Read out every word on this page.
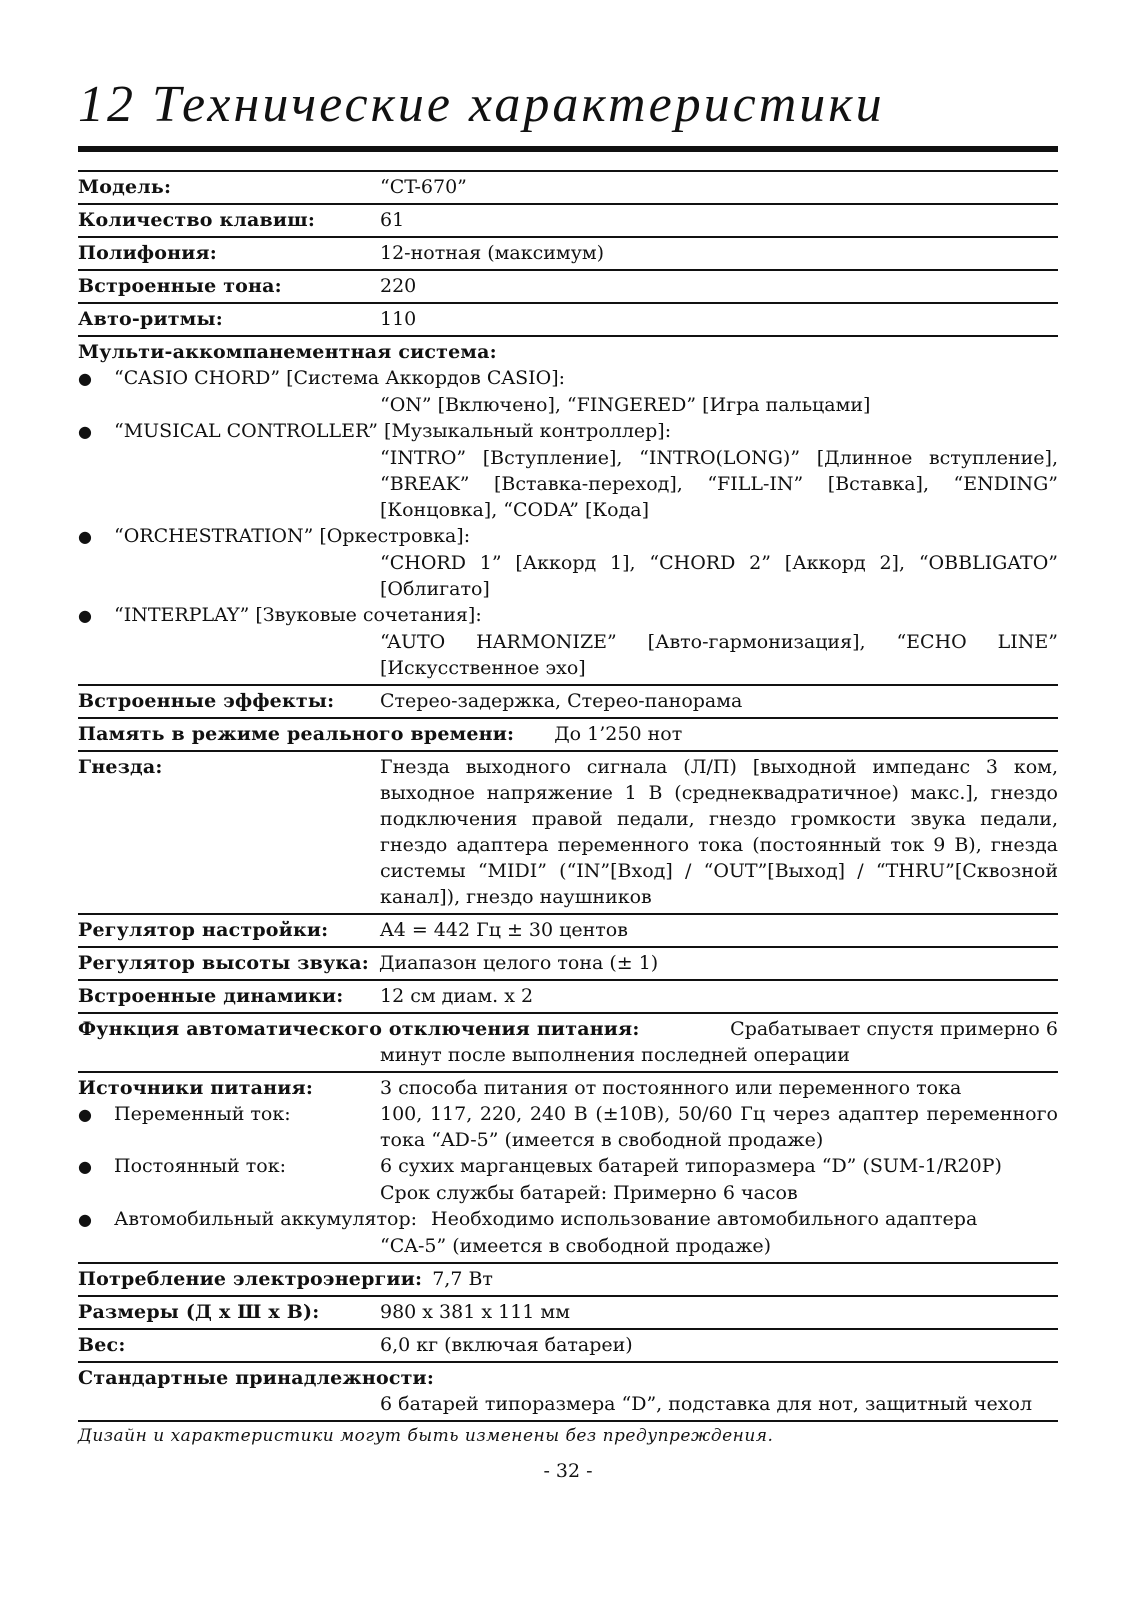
12 Технические характеристики
Модель:	“CT-670”
Количество клавиш:	61
Полифония:	12-нотная (максимум)
Встроенные тона:	220
Авто-ритмы:	110
Мульти-аккомпанементная система:
●	“CASIO CHORD” [Система Аккордов CASIO]:
“ON” [Включено], “FINGERED” [Игра пальцами]
●	“MUSICAL CONTROLLER” [Музыкальный контроллер]:
“INTRO” [Вступление], “INTRO(LONG)” [Длинное вступление], “BREAK” [Вставка-переход], “FILL-IN” [Вставка], “ENDING” [Концовка], “CODA” [Кода]
●	“ORCHESTRATION” [Оркестровка]:
“CHORD 1” [Аккорд 1], “CHORD 2” [Аккорд 2], “OBBLIGATO” [Облигато]
●	“INTERPLAY” [Звуковые сочетания]:
“AUTO HARMONIZE” [Авто-гармонизация], “ECHO LINE” [Искусственное эхо]
Встроенные эффекты:	Стерео-задержка, Стерео-панорама
Память в режиме реального времени: До 1’250 нот
Гнезда:	Гнезда выходного сигнала (Л/П) [выходной импеданс 3 ком, выходное напряжение 1 В (среднеквадратичное) макс.], гнездо подключения правой педали, гнездо громкости звука педали, гнездо адаптера переменного тока (постоянный ток 9 В), гнезда системы “MIDI” (“IN”[Вход] / “OUT”[Выход] / “THRU”[Сквозной канал]), гнездо наушников
Регулятор настройки:	A4 = 442 Гц ± 30 центов
Регулятор высоты звука: Диапазон целого тона (± 1)
Встроенные динамики:	12 см диам. x 2
Функция автоматического отключения питания:	Срабатывает спустя примерно 6
минут после выполнения последней операции
Источники питания:	3 способа питания от постоянного или переменного тока
●	Переменный ток:	100, 117, 220, 240 В (±10В), 50/60 Гц через адаптер переменного тока “AD-5” (имеется в свободной продаже)
●	Постоянный ток:	6 сухих марганцевых батарей типоразмера “D” (SUM-1/R20P)
Срок службы батарей: Примерно 6 часов
●	Автомобильный аккумулятор: Необходимо использование автомобильного адаптера
“CA-5” (имеется в свободной продаже)
Потребление электроэнергии: 7,7 Вт
Размеры (Д x Ш x В):	980 x 381 x 111 мм
Вес:	6,0 кг (включая батареи)
Стандартные принадлежности:
6 батарей типоразмера “D”, подставка для нот, защитный чехол
Дизайн и характеристики могут быть изменены без предупреждения.
- 32 -
